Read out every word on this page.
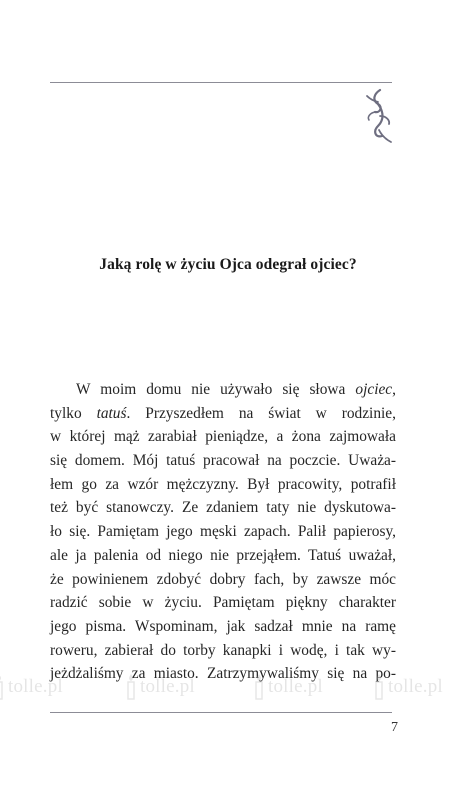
Jaką rolę w życiu Ojca odegrał ojciec?
W moim domu nie używało się słowa ojciec,
tylko tatuś. Przyszedłem na świat w rodzinie,
w której mąż zarabiał pieniądze, a żona zajmowała
się domem. Mój tatuś pracował na poczcie. Uważa-
łem go za wzór mężczyzny. Był pracowity, potrafił
też być stanowczy. Ze zdaniem taty nie dyskutowa-
ło się. Pamiętam jego męski zapach. Palił papierosy,
ale ja palenia od niego nie przejąłem. Tatuś uważał,
że powinienem zdobyć dobry fach, by zawsze móc
radzić sobie w życiu. Pamiętam piękny charakter
jego pisma. Wspominam, jak sadzał mnie na ramę
roweru, zabierał do torby kanapki i wodę, i tak wy-
jeżdżaliśmy za miasto. Zatrzymywaliśmy się na po-
tolle.pl	tolle.pl	tolle.pl	tolle.pl
7
